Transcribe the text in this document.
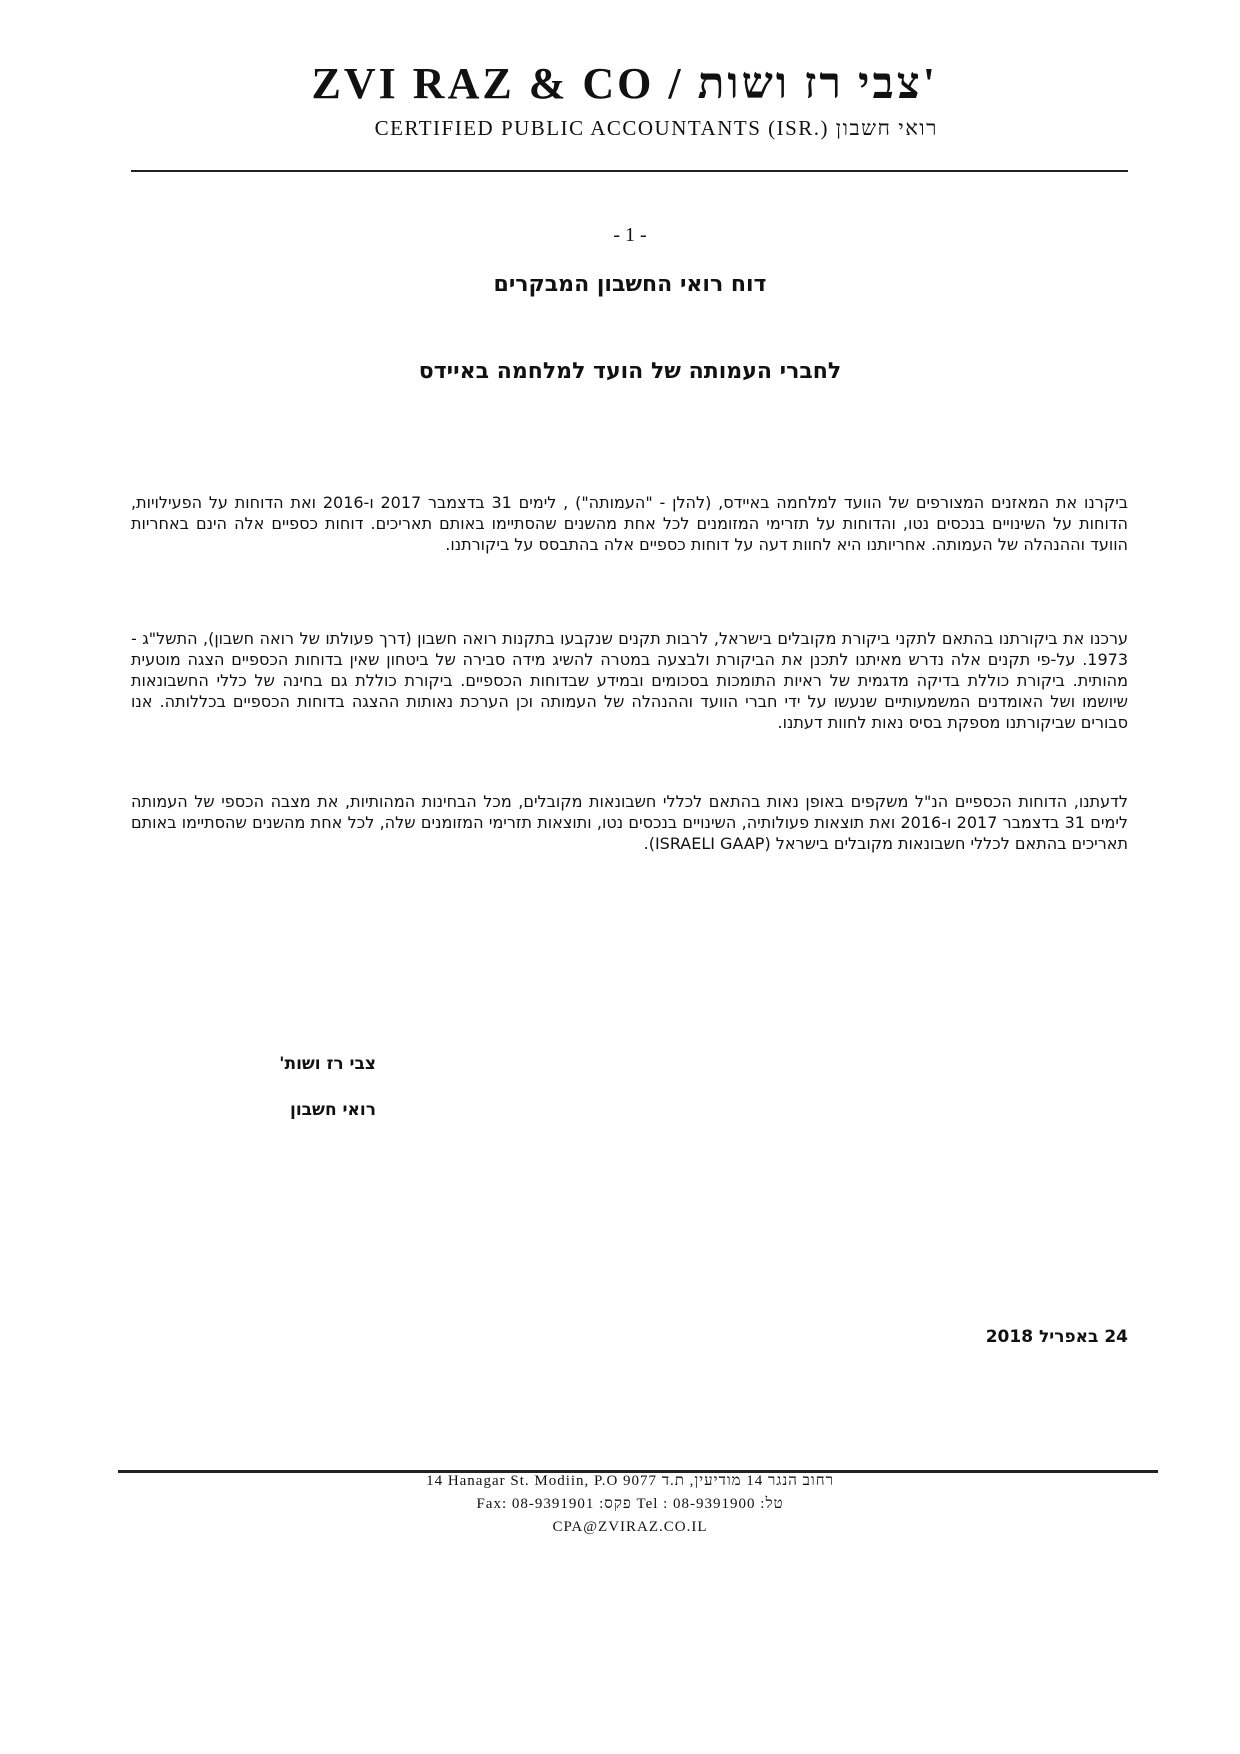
ZVI RAZ & CO / צבי רז ושות'
CERTIFIED PUBLIC ACCOUNTANTS (ISR.) רואי חשבון
- 1 -
דוח רואי החשבון המבקרים
לחברי העמותה של הועד למלחמה באיידס

ביקרנו את המאזנים המצורפים של הוועד למלחמה באיידס, (להלן - "העמותה") , לימים 31 בדצמבר 2017 ו-2016 ואת הדוחות על הפעילויות, הדוחות על השינויים בנכסים נטו, והדוחות על תזרימי המזומנים לכל אחת מהשנים שהסתיימו באותם תאריכים. דוחות כספיים אלה הינם באחריות הוועד וההנהלה של העמותה. אחריותנו היא לחוות דעה על דוחות כספיים אלה בהתבסס על ביקורתנו.

ערכנו את ביקורתנו בהתאם לתקני ביקורת מקובלים בישראל, לרבות תקנים שנקבעו בתקנות רואה חשבון (דרך פעולתו של רואה חשבון), התשל"ג - 1973. על-פי תקנים אלה נדרש מאיתנו לתכנן את הביקורת ולבצעה במטרה להשיג מידה סבירה של ביטחון שאין בדוחות הכספיים הצגה מוטעית מהותית. ביקורת כוללת בדיקה מדגמית של ראיות התומכות בסכומים ובמידע שבדוחות הכספיים. ביקורת כוללת גם בחינה של כללי החשבונאות שיושמו ושל האומדנים המשמעותיים שנעשו על ידי חברי הוועד וההנהלה של העמותה וכן הערכת נאותות ההצגה בדוחות הכספיים בכללותה. אנו סבורים שביקורתנו מספקת בסיס נאות לחוות דעתנו.

לדעתנו, הדוחות הכספיים הנ"ל משקפים באופן נאות בהתאם לכללי חשבונאות מקובלים, מכל הבחינות המהותיות, את מצבה הכספי של העמותה לימים 31 בדצמבר 2017 ו-2016 ואת תוצאות פעולותיה, השינויים בנכסים נטו, ותוצאות תזרימי המזומנים שלה, לכל אחת מהשנים שהסתיימו באותם תאריכים בהתאם לכללי חשבונאות מקובלים בישראל (ISRAELI GAAP).

צבי רז ושות'
רואי חשבון
24 באפריל 2018
14 Hanagar St. Modiin, P.O 9077 רחוב הנגר 14 מודיעין, ת.ד
Fax: 08-9391901 :פקס Tel : 08-9391900 :טל
CPA@ZVIRAZ.CO.IL
